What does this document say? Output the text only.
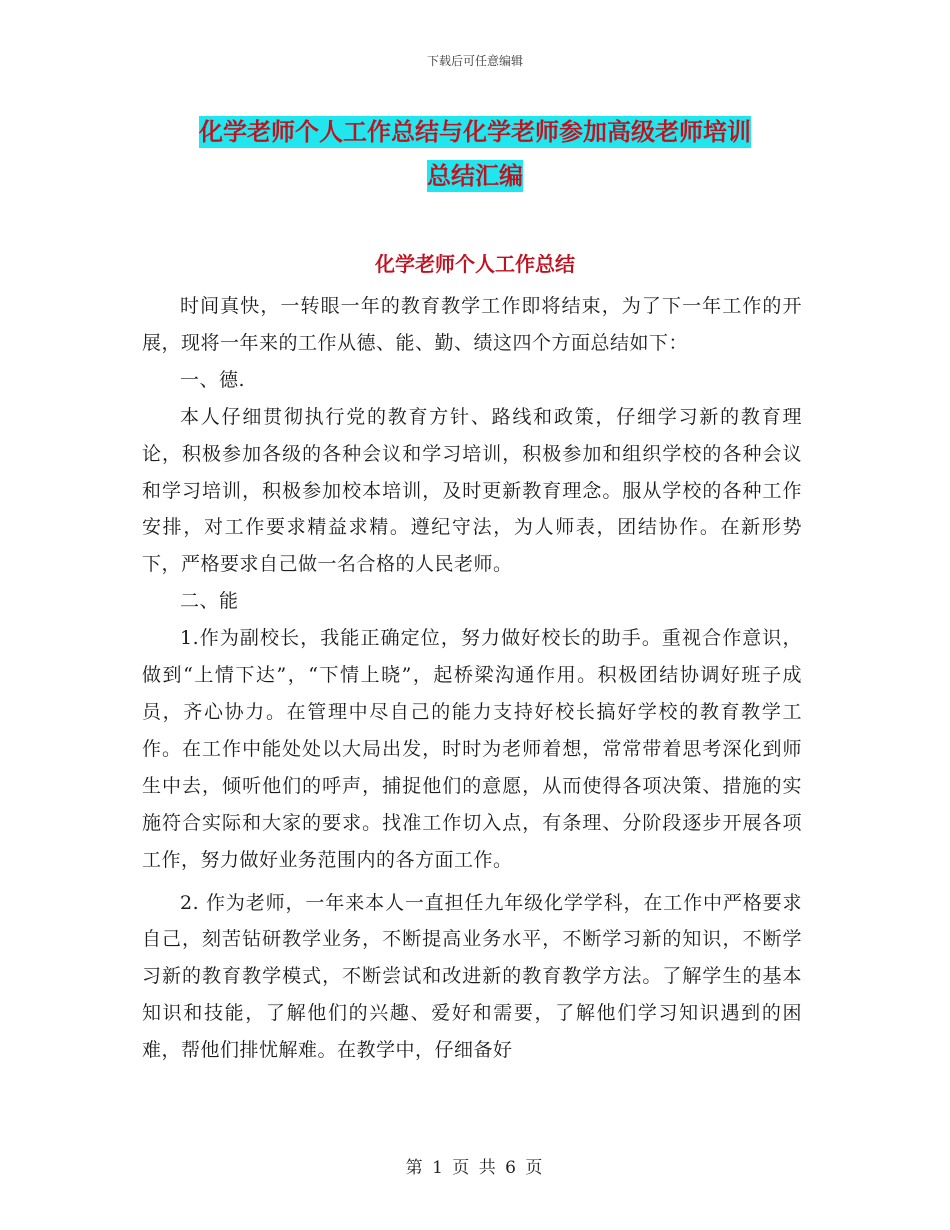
下载后可任意编辑
化学老师个人工作总结与化学老师参加高级老师培训
总结汇编
化学老师个人工作总结

时间真快，一转眼一年的教育教学工作即将结束，为了下一年工作的开展，现将一年来的工作从德、能、勤、绩这四个方面总结如下：

一、德.

本人仔细贯彻执行党的教育方针、路线和政策，仔细学习新的教育理论，积极参加各级的各种会议和学习培训，积极参加和组织学校的各种会议和学习培训，积极参加校本培训，及时更新教育理念。服从学校的各种工作安排，对工作要求精益求精。遵纪守法，为人师表，团结协作。在新形势下，严格要求自己做一名合格的人民老师。

二、能

1.作为副校长，我能正确定位，努力做好校长的助手。重视合作意识，做到“上情下达”，“下情上晓”，起桥梁沟通作用。积极团结协调好班子成员，齐心协力。在管理中尽自己的能力支持好校长搞好学校的教育教学工作。在工作中能处处以大局出发，时时为老师着想，常常带着思考深化到师生中去，倾听他们的呼声，捕捉他们的意愿，从而使得各项决策、措施的实施符合实际和大家的要求。找准工作切入点，有条理、分阶段逐步开展各项工作，努力做好业务范围内的各方面工作。

2. 作为老师，一年来本人一直担任九年级化学学科，在工作中严格要求自己，刻苦钻研教学业务，不断提高业务水平，不断学习新的知识，不断学习新的教育教学模式，不断尝试和改进新的教育教学方法。了解学生的基本知识和技能，了解他们的兴趣、爱好和需要，了解他们学习知识遇到的困难，帮他们排忧解难。在教学中，仔细备好

第 1 页 共 6 页
